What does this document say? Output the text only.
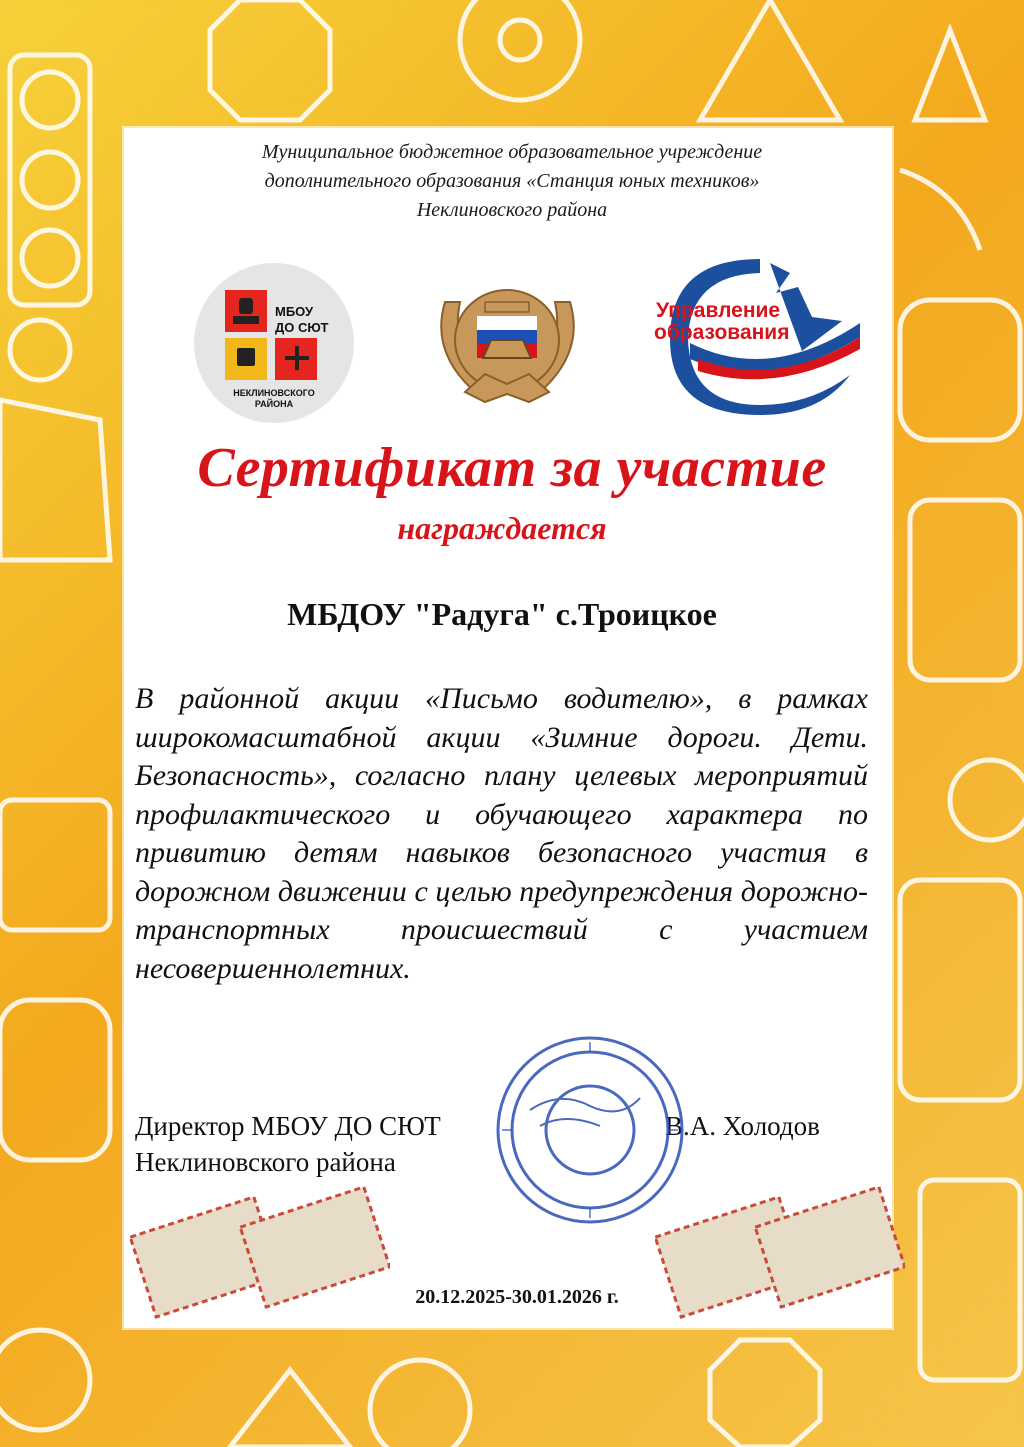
Муниципальное бюджетное образовательное учреждение
дополнительного образования «Станция юных техников»
Неклиновского района
МБОУ
ДО СЮТ
НЕКЛИНОВСКОГО
РАЙОНА
Управление
образования
Сертификат за участие
награждается
МБДОУ "Радуга" с.Троицкое
В районной акции «Письмо водителю», в рамках широкомасштабной акции «Зимние дороги. Дети. Безопасность», согласно плану целевых мероприятий профилактического и обучающего характера по привитию детям навыков безопасного участия в дорожном движении с целью предупреждения дорожно-транспортных происшествий с участием несовершеннолетних.
Директор МБОУ ДО СЮТ
Неклиновского района
В.А. Холодов
20.12.2025-30.01.2026 г.
